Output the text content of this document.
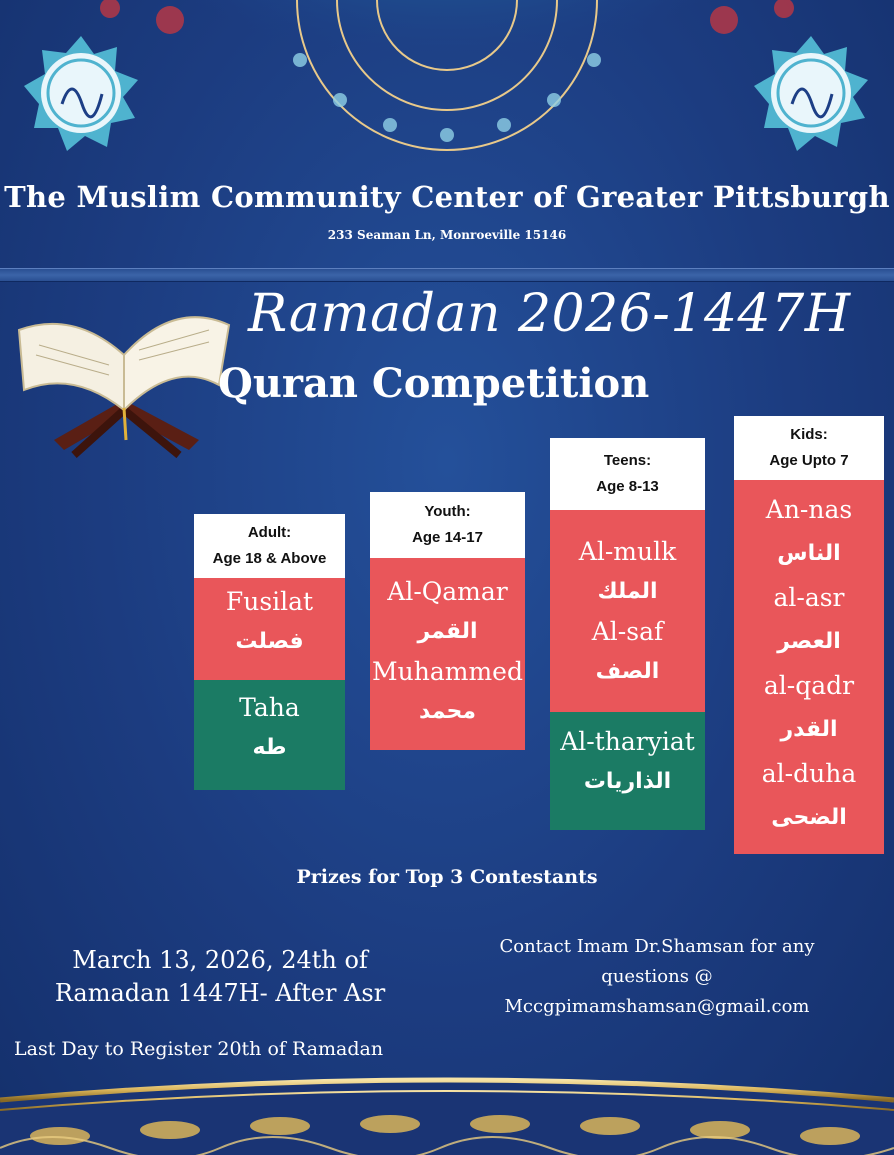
The Muslim Community Center of Greater Pittsburgh
233 Seaman Ln, Monroeville 15146
Ramadan 2026-1447H
Quran Competition
Adult:
Age 18 & Above
Fusilat
فصلت
Taha
طه
Youth:
Age 14-17
Al-Qamar
القمر
Muhammed
محمد
Teens:
Age 8-13
Al-mulk
الملك
Al-saf
الصف
Al-tharyiat
الذاريات
Kids:
Age Upto 7
An-nas
الناس
al-asr
العصر
al-qadr
القدر
al-duha
الضحى
Prizes for Top 3 Contestants
March 13, 2026, 24th of
Ramadan 1447H- After Asr
Last Day to Register 20th of Ramadan
Contact Imam Dr.Shamsan for any
questions @
Mccgpimamshamsan@gmail.com
